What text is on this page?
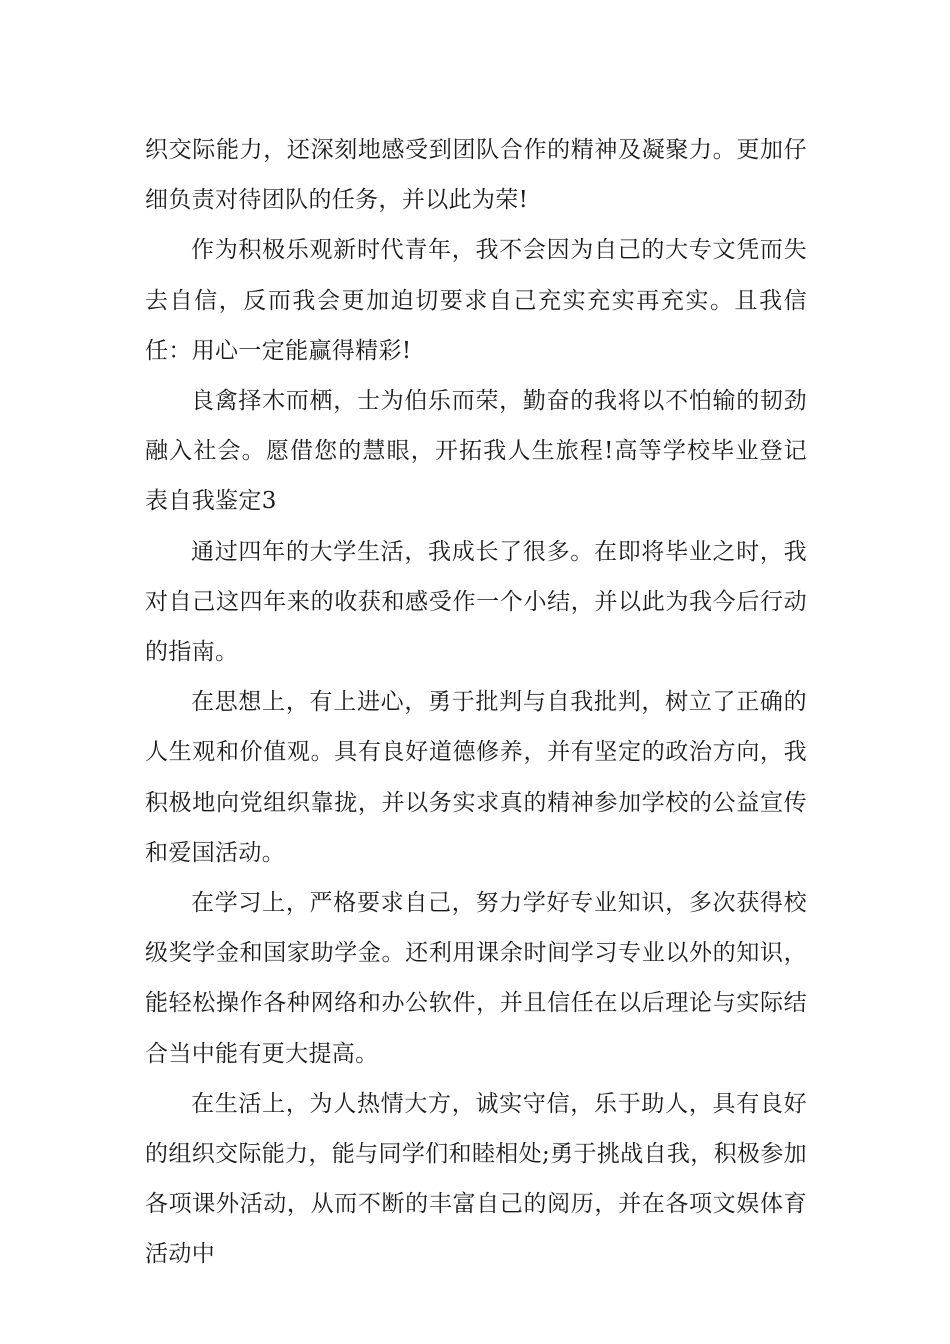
织交际能力，还深刻地感受到团队合作的精神及凝聚力。更加仔细负责对待团队的任务，并以此为荣!

作为积极乐观新时代青年，我不会因为自己的大专文凭而失去自信，反而我会更加迫切要求自己充实充实再充实。且我信任：用心一定能赢得精彩!

良禽择木而栖，士为伯乐而荣，勤奋的我将以不怕输的韧劲融入社会。愿借您的慧眼，开拓我人生旅程!高等学校毕业登记表自我鉴定3

通过四年的大学生活，我成长了很多。在即将毕业之时，我对自己这四年来的收获和感受作一个小结，并以此为我今后行动的指南。

在思想上，有上进心，勇于批判与自我批判，树立了正确的人生观和价值观。具有良好道德修养，并有坚定的政治方向，我积极地向党组织靠拢，并以务实求真的精神参加学校的公益宣传和爱国活动。

在学习上，严格要求自己，努力学好专业知识，多次获得校级奖学金和国家助学金。还利用课余时间学习专业以外的知识，能轻松操作各种网络和办公软件，并且信任在以后理论与实际结合当中能有更大提高。

在生活上，为人热情大方，诚实守信，乐于助人，具有良好的组织交际能力，能与同学们和睦相处;勇于挑战自我，积极参加各项课外活动，从而不断的丰富自己的阅历，并在各项文娱体育活动中
